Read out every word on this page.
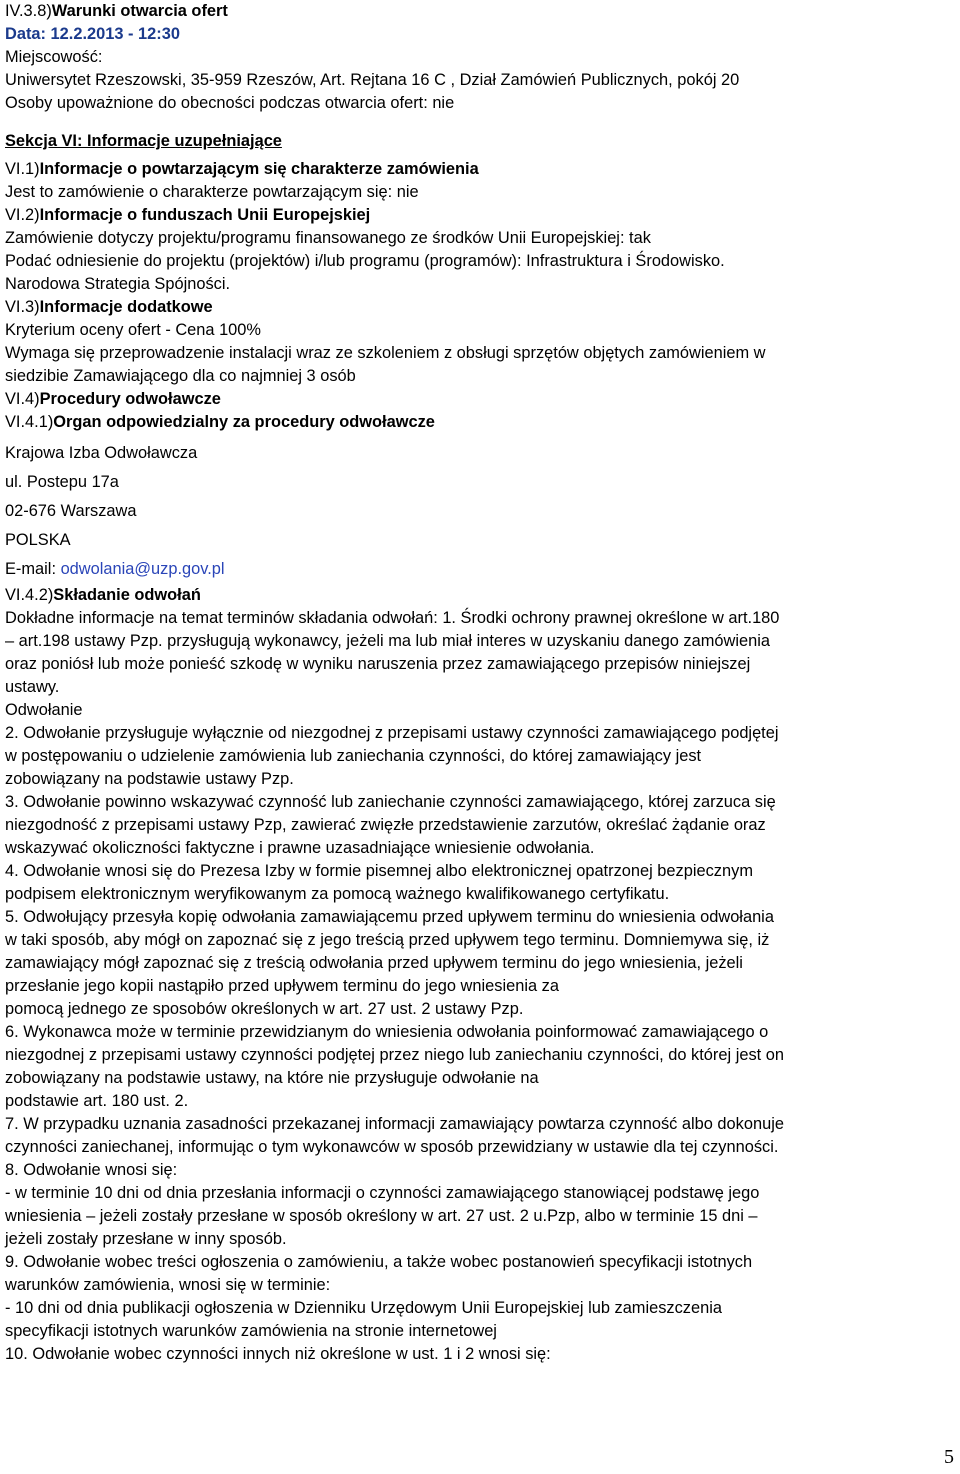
IV.3.8)Warunki otwarcia ofert
Data: 12.2.2013 - 12:30
Miejscowość:
Uniwersytet Rzeszowski, 35-959 Rzeszów, Art. Rejtana 16 C , Dział Zamówień Publicznych, pokój 20
Osoby upoważnione do obecności podczas otwarcia ofert: nie
Sekcja VI: Informacje uzupełniające
VI.1)Informacje o powtarzającym się charakterze zamówienia
Jest to zamówienie o charakterze powtarzającym się: nie
VI.2)Informacje o funduszach Unii Europejskiej
Zamówienie dotyczy projektu/programu finansowanego ze środków Unii Europejskiej: tak
Podać odniesienie do projektu (projektów) i/lub programu (programów): Infrastruktura i Środowisko.
Narodowa Strategia Spójności.
VI.3)Informacje dodatkowe
Kryterium oceny ofert - Cena 100%
Wymaga się przeprowadzenie instalacji wraz ze szkoleniem z obsługi sprzętów objętych zamówieniem w
siedzibie Zamawiającego dla co najmniej 3 osób
VI.4)Procedury odwoławcze
VI.4.1)Organ odpowiedzialny za procedury odwoławcze
Krajowa Izba Odwoławcza
ul. Postepu 17a
02-676 Warszawa
POLSKA
E-mail: odwolania@uzp.gov.pl
VI.4.2)Składanie odwołań
Dokładne informacje na temat terminów składania odwołań: 1. Środki ochrony prawnej określone w art.180
– art.198 ustawy Pzp. przysługują wykonawcy, jeżeli ma lub miał interes w uzyskaniu danego zamówienia
oraz poniósł lub może ponieść szkodę w wyniku naruszenia przez zamawiającego przepisów niniejszej
ustawy.
Odwołanie
2. Odwołanie przysługuje wyłącznie od niezgodnej z przepisami ustawy czynności zamawiającego podjętej
w postępowaniu o udzielenie zamówienia lub zaniechania czynności, do której zamawiający jest
zobowiązany na podstawie ustawy Pzp.
3. Odwołanie powinno wskazywać czynność lub zaniechanie czynności zamawiającego, której zarzuca się
niezgodność z przepisami ustawy Pzp, zawierać zwięzłe przedstawienie zarzutów, określać żądanie oraz
wskazywać okoliczności faktyczne i prawne uzasadniające wniesienie odwołania.
4. Odwołanie wnosi się do Prezesa Izby w formie pisemnej albo elektronicznej opatrzonej bezpiecznym
podpisem elektronicznym weryfikowanym za pomocą ważnego kwalifikowanego certyfikatu.
5. Odwołujący przesyła kopię odwołania zamawiającemu przed upływem terminu do wniesienia odwołania
w taki sposób, aby mógł on zapoznać się z jego treścią przed upływem tego terminu. Domniemywa się, iż
zamawiający mógł zapoznać się z treścią odwołania przed upływem terminu do jego wniesienia, jeżeli
przesłanie jego kopii nastąpiło przed upływem terminu do jego wniesienia za
pomocą jednego ze sposobów określonych w art. 27 ust. 2 ustawy Pzp.
6. Wykonawca może w terminie przewidzianym do wniesienia odwołania poinformować zamawiającego o
niezgodnej z przepisami ustawy czynności podjętej przez niego lub zaniechaniu czynności, do której jest on
zobowiązany na podstawie ustawy, na które nie przysługuje odwołanie na
podstawie art. 180 ust. 2.
7. W przypadku uznania zasadności przekazanej informacji zamawiający powtarza czynność albo dokonuje
czynności zaniechanej, informując o tym wykonawców w sposób przewidziany w ustawie dla tej czynności.
8. Odwołanie wnosi się:
- w terminie 10 dni od dnia przesłania informacji o czynności zamawiającego stanowiącej podstawę jego
wniesienia – jeżeli zostały przesłane w sposób określony w art. 27 ust. 2 u.Pzp, albo w terminie 15 dni –
jeżeli zostały przesłane w inny sposób.
9. Odwołanie wobec treści ogłoszenia o zamówieniu, a także wobec postanowień specyfikacji istotnych
warunków zamówienia, wnosi się w terminie:
- 10 dni od dnia publikacji ogłoszenia w Dzienniku Urzędowym Unii Europejskiej lub zamieszczenia
specyfikacji istotnych warunków zamówienia na stronie internetowej
10. Odwołanie wobec czynności innych niż określone w ust. 1 i 2 wnosi się:
5
